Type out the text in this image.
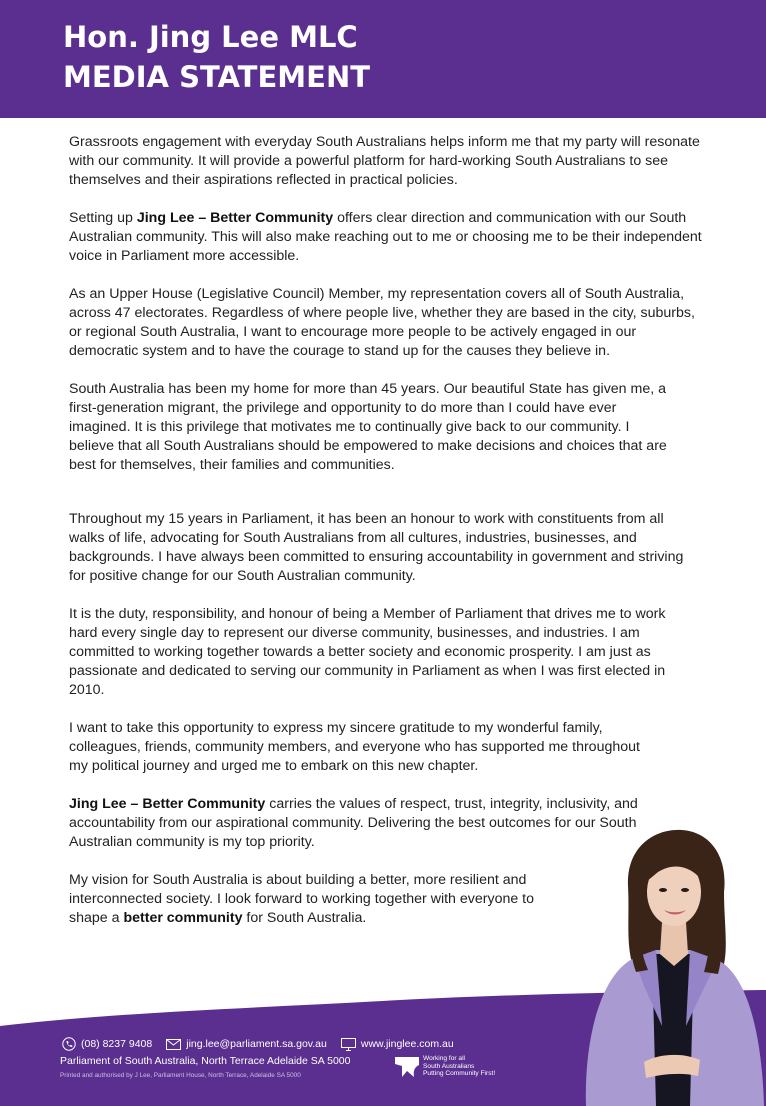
Hon. Jing Lee MLC
MEDIA STATEMENT

Grassroots engagement with everyday South Australians helps inform me that my party will resonate with our community. It will provide a powerful platform for hard-working South Australians to see themselves and their aspirations reflected in practical policies.

Setting up Jing Lee – Better Community offers clear direction and communication with our South Australian community. This will also make reaching out to me or choosing me to be their independent voice in Parliament more accessible.

As an Upper House (Legislative Council) Member, my representation covers all of South Australia, across 47 electorates. Regardless of where people live, whether they are based in the city, suburbs, or regional South Australia, I want to encourage more people to be actively engaged in our democratic system and to have the courage to stand up for the causes they believe in.

South Australia has been my home for more than 45 years. Our beautiful State has given me, a first-generation migrant, the privilege and opportunity to do more than I could have ever imagined. It is this privilege that motivates me to continually give back to our community. I believe that all South Australians should be empowered to make decisions and choices that are best for themselves, their families and communities.

Throughout my 15 years in Parliament, it has been an honour to work with constituents from all walks of life, advocating for South Australians from all cultures, industries, businesses, and backgrounds. I have always been committed to ensuring accountability in government and striving for positive change for our South Australian community.

It is the duty, responsibility, and honour of being a Member of Parliament that drives me to work hard every single day to represent our diverse community, businesses, and industries. I am committed to working together towards a better society and economic prosperity. I am just as passionate and dedicated to serving our community in Parliament as when I was first elected in 2010.

I want to take this opportunity to express my sincere gratitude to my wonderful family, colleagues, friends, community members, and everyone who has supported me throughout my political journey and urged me to embark on this new chapter.

Jing Lee – Better Community carries the values of respect, trust, integrity, inclusivity, and accountability from our aspirational community. Delivering the best outcomes for our South Australian community is my top priority.

My vision for South Australia is about building a better, more resilient and interconnected society. I look forward to working together with everyone to shape a better community for South Australia.

(08) 8237 9408	jing.lee@parliament.sa.gov.au	www.jinglee.com.au
Parliament of South Australia, North Terrace Adelaide SA 5000
Printed and authorised by J Lee, Parliament House, North Terrace, Adelaide SA 5000
Working for all
South Australians
Putting Community First!
